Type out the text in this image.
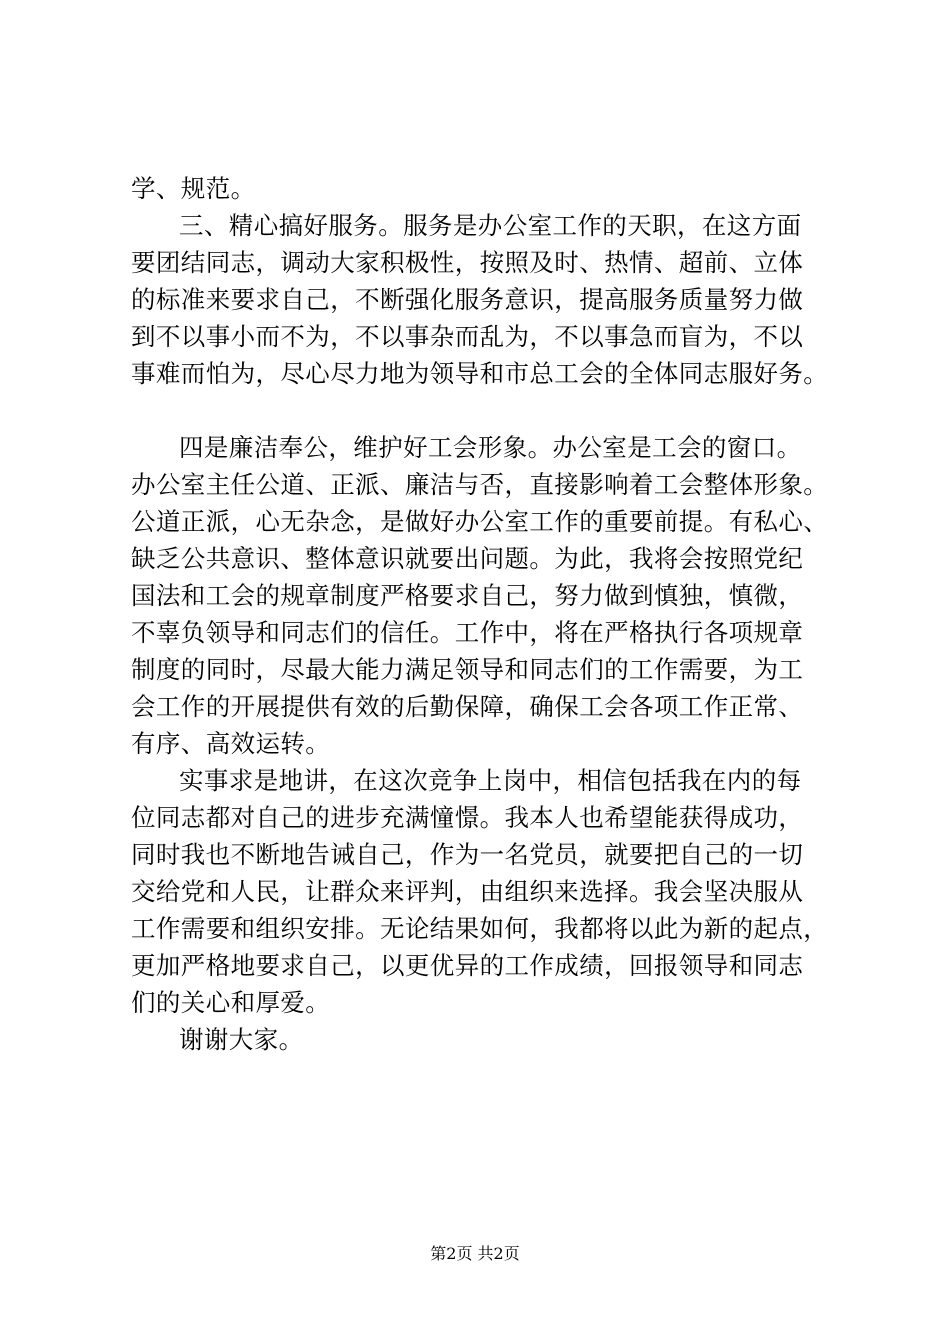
学、规范。
三、精心搞好服务。服务是办公室工作的天职，在这方面
要团结同志，调动大家积极性，按照及时、热情、超前、立体
的标准来要求自己，不断强化服务意识，提高服务质量努力做
到不以事小而不为，不以事杂而乱为，不以事急而盲为，不以
事难而怕为，尽心尽力地为领导和市总工会的全体同志服好务。
四是廉洁奉公，维护好工会形象。办公室是工会的窗口。
办公室主任公道、正派、廉洁与否，直接影响着工会整体形象。
公道正派，心无杂念，是做好办公室工作的重要前提。有私心、
缺乏公共意识、整体意识就要出问题。为此，我将会按照党纪
国法和工会的规章制度严格要求自己，努力做到慎独，慎微，
不辜负领导和同志们的信任。工作中，将在严格执行各项规章
制度的同时，尽最大能力满足领导和同志们的工作需要，为工
会工作的开展提供有效的后勤保障，确保工会各项工作正常、
有序、高效运转。
实事求是地讲，在这次竞争上岗中，相信包括我在内的每
位同志都对自己的进步充满憧憬。我本人也希望能获得成功，
同时我也不断地告诫自己，作为一名党员，就要把自己的一切
交给党和人民，让群众来评判，由组织来选择。我会坚决服从
工作需要和组织安排。无论结果如何，我都将以此为新的起点，
更加严格地要求自己，以更优异的工作成绩，回报领导和同志
们的关心和厚爱。
谢谢大家。
第2页 共2页
